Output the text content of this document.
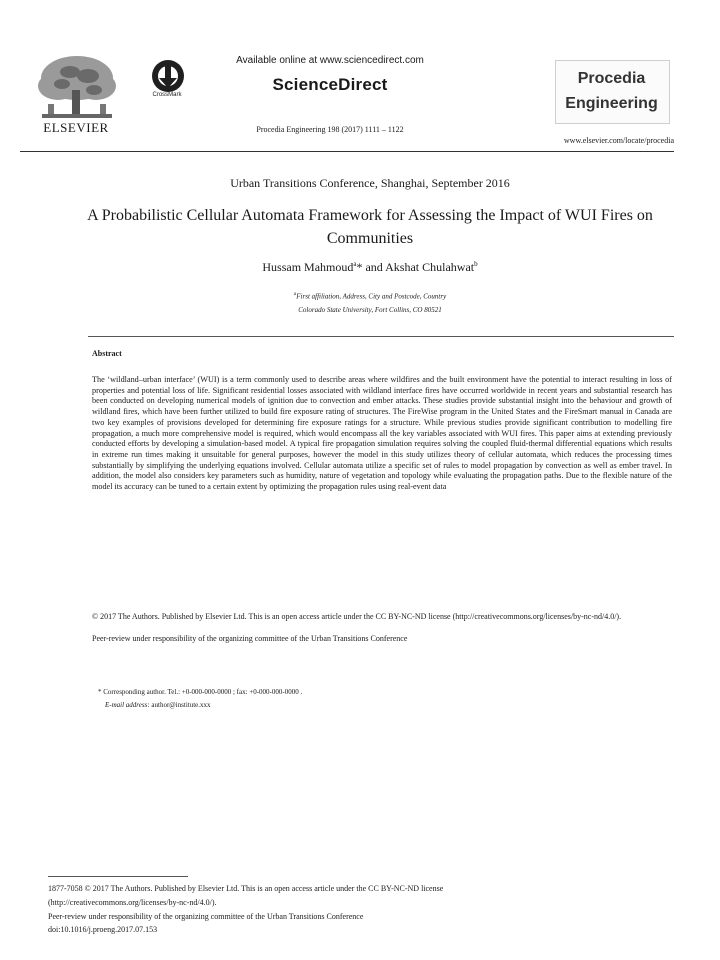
ELSEVIER
CrossMark
Available online at www.sciencedirect.com
ScienceDirect
Procedia Engineering 198 (2017) 1111 – 1122
Procedia
Engineering
www.elsevier.com/locate/procedia
Urban Transitions Conference, Shanghai, September 2016
A Probabilistic Cellular Automata Framework for Assessing the Impact of WUI Fires on Communities
Hussam Mahmoud$^a$* and Akshat Chulahwat$^b$
$^a$First affiliation, Address, City and Postcode, Country
Colorado State University, Fort Collins, CO 80521
Abstract
The ‘wildland–urban interface’ (WUI) is a term commonly used to describe areas where wildfires and the built environment have the potential to interact resulting in loss of properties and potential loss of life. Significant residential losses associated with wildland interface fires have occurred worldwide in recent years and substantial research has been conducted on developing numerical models of ignition due to convection and ember attacks. These studies provide substantial insight into the behaviour and growth of wildland fires, which have been further utilized to build fire exposure rating of structures. The FireWise program in the United States and the FireSmart manual in Canada are two key examples of provisions developed for determining fire exposure ratings for a structure. While previous studies provide significant contribution to modelling fire propagation, a much more comprehensive model is required, which would encompass all the key variables associated with WUI fires. This paper aims at extending previously conducted efforts by developing a simulation-based model. A typical fire propagation simulation requires solving the coupled fluid-thermal differential equations which results in extreme run times making it unsuitable for general purposes, however the model in this study utilizes theory of cellular automata, which reduces the processing times substantially by simplifying the underlying equations involved. Cellular automata utilize a specific set of rules to model propagation by convection as well as ember travel. In addition, the model also considers key parameters such as humidity, nature of vegetation and topology while evaluating the propagation paths. Due to the flexible nature of the model its accuracy can be tuned to a certain extent by optimizing the propagation rules using real-event data
© 2017 The Authors. Published by Elsevier Ltd. This is an open access article under the CC BY-NC-ND license (http://creativecommons.org/licenses/by-nc-nd/4.0/).
Peer-review under responsibility of the organizing committee of the Urban Transitions Conference
* Corresponding author. Tel.: +0-000-000-0000 ; fax: +0-000-000-0000 .
E-mail address: author@institute.xxx
1877-7058 © 2017 The Authors. Published by Elsevier Ltd. This is an open access article under the CC BY-NC-ND license
(http://creativecommons.org/licenses/by-nc-nd/4.0/).
Peer-review under responsibility of the organizing committee of the Urban Transitions Conference
doi:10.1016/j.proeng.2017.07.153
